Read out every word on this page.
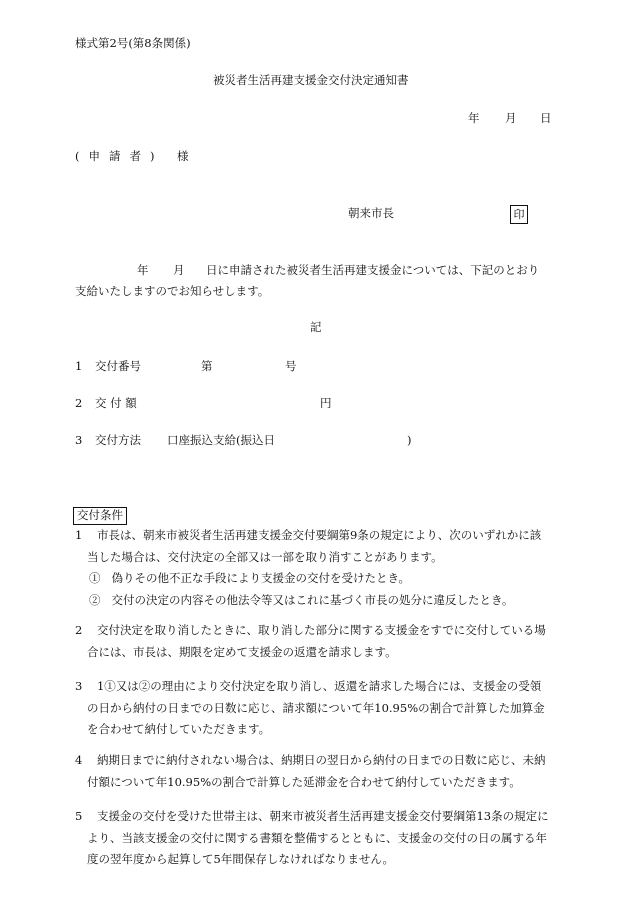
様式第2号(第8条関係)
被災者生活再建支援金交付決定通知書
年 月 日
(申請者) 様
朝来市長	印
年 月 日に申請された被災者生活再建支援金については、下記のとおり
支給いたしますのでお知らせします。
記
1 交付番号	第	号
2 交 付 額	円
3 交付方法 口座振込支給(振込日	)
交付条件
1 市長は、朝来市被災者生活再建支援金交付要綱第9条の規定により、次のいずれかに該
当した場合は、交付決定の全部又は一部を取り消すことがあります。
① 偽りその他不正な手段により支援金の交付を受けたとき。
② 交付の決定の内容その他法令等又はこれに基づく市長の処分に違反したとき。
2 交付決定を取り消したときに、取り消した部分に関する支援金をすでに交付している場
合には、市長は、期限を定めて支援金の返還を請求します。
3 1①又は②の理由により交付決定を取り消し、返還を請求した場合には、支援金の受領
の日から納付の日までの日数に応じ、請求額について年10.95%の割合で計算した加算金
を合わせて納付していただきます。
4 納期日までに納付されない場合は、納期日の翌日から納付の日までの日数に応じ、未納
付額について年10.95%の割合で計算した延滞金を合わせて納付していただきます。
5 支援金の交付を受けた世帯主は、朝来市被災者生活再建支援金交付要綱第13条の規定に
より、当該支援金の交付に関する書類を整備するとともに、支援金の交付の日の属する年
度の翌年度から起算して5年間保存しなければなりません。
